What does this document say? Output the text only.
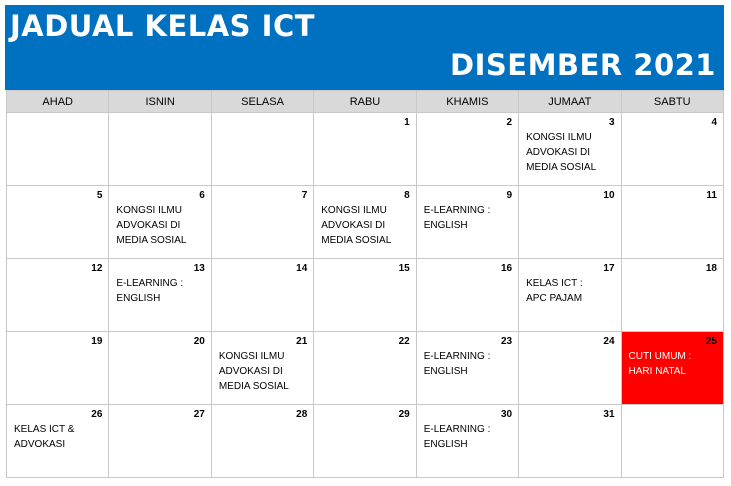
JADUAL KELAS ICT
DISEMBER 2021
AHAD	ISNIN	SELASA	RABU	KHAMIS	JUMAAT	SABTU

			1	2	3
KONGSI ILMU
ADVOKASI DI
MEDIA SOSIAL	4

5	6
KONGSI ILMU
ADVOKASI DI
MEDIA SOSIAL	7	8
KONGSI ILMU
ADVOKASI DI
MEDIA SOSIAL	9
E-LEARNING :
ENGLISH	10	11

12	13
E-LEARNING :
ENGLISH	14	15	16	17
KELAS ICT :
APC PAJAM	18

19	20	21
KONGSI ILMU
ADVOKASI DI
MEDIA SOSIAL	22	23
E-LEARNING :
ENGLISH	24	25
CUTI UMUM :
HARI NATAL

26
KELAS ICT &
ADVOKASI	27	28	29	30
E-LEARNING :
ENGLISH	31	
